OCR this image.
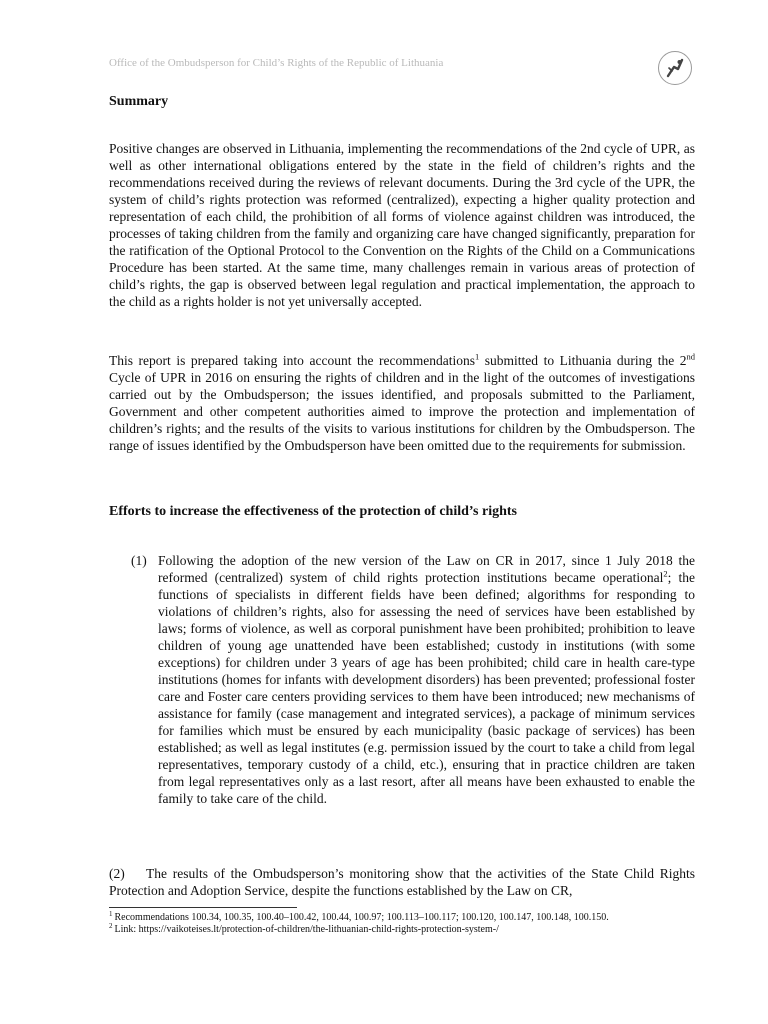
Office of the Ombudsperson for Child’s Rights of the Republic of Lithuania
Summary

Positive changes are observed in Lithuania, implementing the recommendations of the 2nd cycle of UPR, as well as other international obligations entered by the state in the field of children’s rights and the recommendations received during the reviews of relevant documents. During the 3rd cycle of the UPR, the system of child’s rights protection was reformed (centralized), expecting a higher quality protection and representation of each child, the prohibition of all forms of violence against children was introduced, the processes of taking children from the family and organizing care have changed significantly, preparation for the ratification of the Optional Protocol to the Convention on the Rights of the Child on a Communications Procedure has been started. At the same time, many challenges remain in various areas of protection of child’s rights, the gap is observed between legal regulation and practical implementation, the approach to the child as a rights holder is not yet universally accepted.

This report is prepared taking into account the recommendations$^1$ submitted to Lithuania during the 2nd Cycle of UPR in 2016 on ensuring the rights of children and in the light of the outcomes of investigations carried out by the Ombudsperson; the issues identified, and proposals submitted to the Parliament, Government and other competent authorities aimed to improve the protection and implementation of children’s rights; and the results of the visits to various institutions for children by the Ombudsperson. The range of issues identified by the Ombudsperson have been omitted due to the requirements for submission.

Efforts to increase the effectiveness of the protection of child’s rights
(1) Following the adoption of the new version of the Law on CR in 2017, since 1 July 2018 the reformed (centralized) system of child rights protection institutions became operational$^2$; the functions of specialists in different fields have been defined; algorithms for responding to violations of children’s rights, also for assessing the need of services have been established by laws; forms of violence, as well as corporal punishment have been prohibited; prohibition to leave children of young age unattended have been established; custody in institutions (with some exceptions) for children under 3 years of age has been prohibited; child care in health care-type institutions (homes for infants with development disorders) has been prevented; professional foster care and Foster care centers providing services to them have been introduced; new mechanisms of assistance for family (case management and integrated services), a package of minimum services for families which must be ensured by each municipality (basic package of services) has been established; as well as legal institutes (e.g. permission issued by the court to take a child from legal representatives, temporary custody of a child, etc.), ensuring that in practice children are taken from legal representatives only as a last resort, after all means have been exhausted to enable the family to take care of the child.

(2) The results of the Ombudsperson’s monitoring show that the activities of the State Child Rights Protection and Adoption Service, despite the functions established by the Law on CR,

$^1$ Recommendations 100.34, 100.35, 100.40–100.42, 100.44, 100.97; 100.113–100.117; 100.120, 100.147, 100.148, 100.150.
$^2$ Link: https://vaikoteises.lt/protection-of-children/the-lithuanian-child-rights-protection-system-/
